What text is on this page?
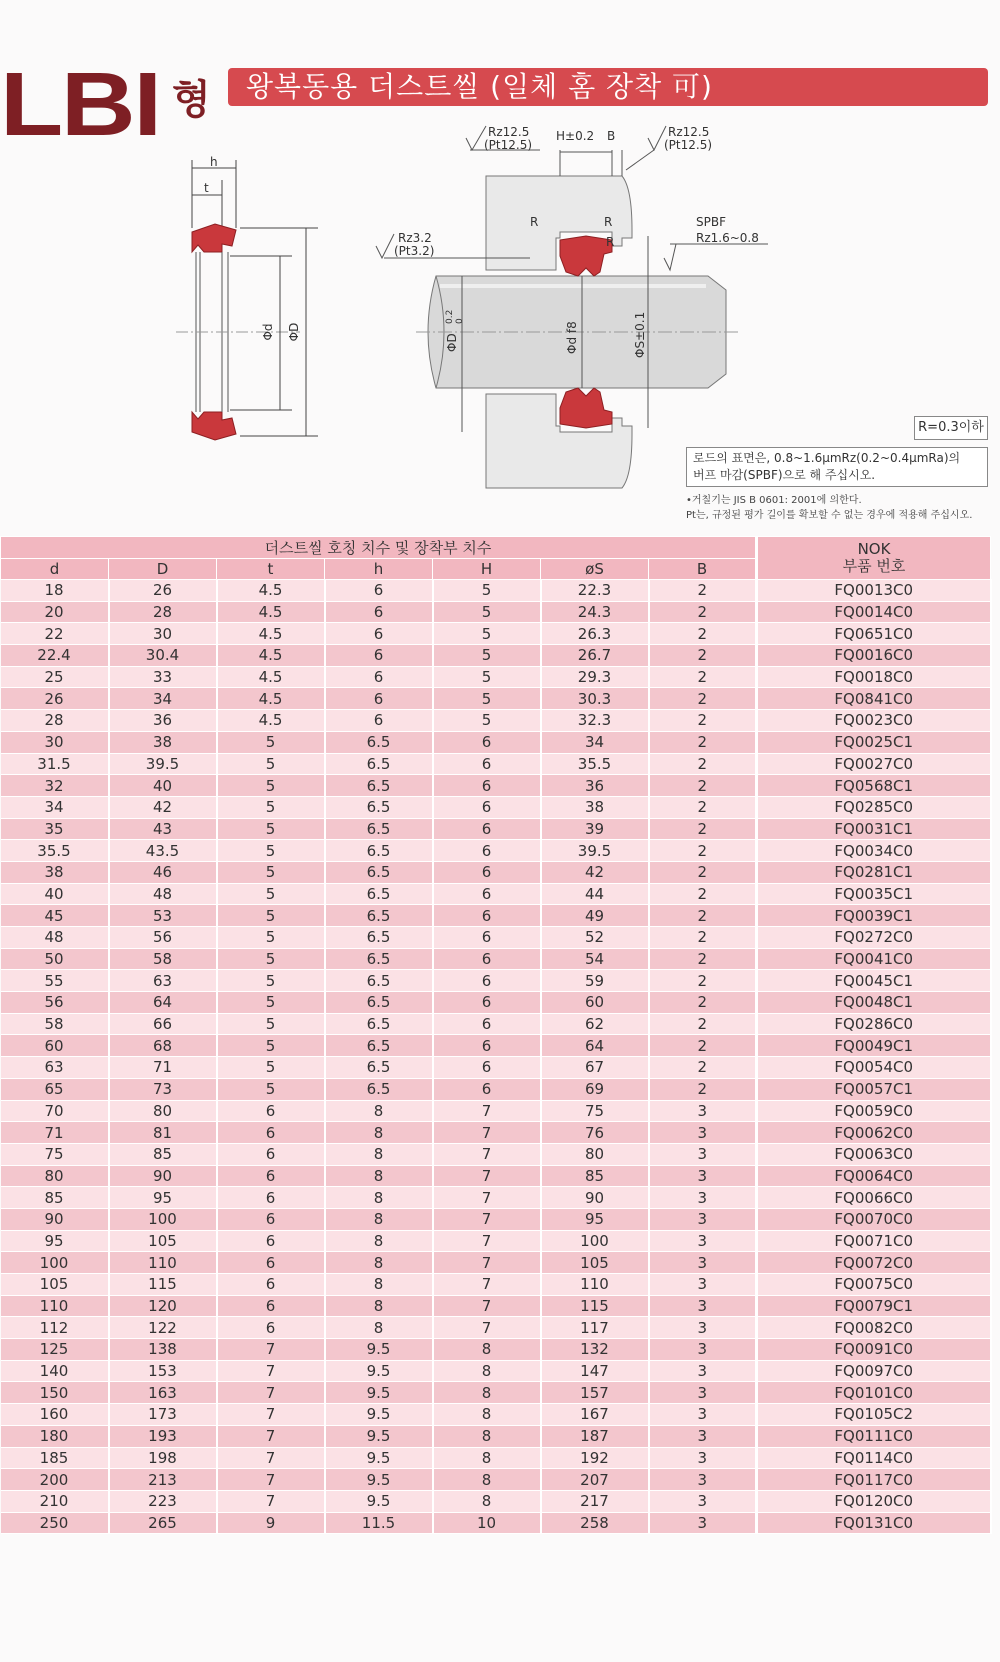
LBI 형 왕복동용 더스트씰 (일체 홈 장착 可)
h
t
Φd ΦD
Rz12.5
(Pt12.5)
H±0.2 B	Rz12.5
(Pt12.5)
R	R
R
SPBF
Rz1.6~0.8
Rz3.2
(Pt3.2)
ΦD
0.2 0
Φd f8	ΦS±0.1
R=0.3이하
로드의 표면은, 0.8~1.6μmRz(0.2~0.4μmRa)의
버프 마감(SPBF)으로 해 주십시오.
•거칠기는 JIS B 0601: 2001에 의한다.
Pt는, 규정된 평가 길이를 확보할 수 없는 경우에 적용해 주십시오.
더스트씰 호칭 치수 및 장착부 치수							NOK
부품 번호

d	D	t	h	H	øS	B	
18	26	4.5	6	5	22.3	2	FQ0013C0
20	28	4.5	6	5	24.3	2	FQ0014C0
22	30	4.5	6	5	26.3	2	FQ0651C0
22.4	30.4	4.5	6	5	26.7	2	FQ0016C0
25	33	4.5	6	5	29.3	2	FQ0018C0
26	34	4.5	6	5	30.3	2	FQ0841C0
28	36	4.5	6	5	32.3	2	FQ0023C0
30	38	5	6.5	6	34	2	FQ0025C1
31.5	39.5	5	6.5	6	35.5	2	FQ0027C0
32	40	5	6.5	6	36	2	FQ0568C1
34	42	5	6.5	6	38	2	FQ0285C0
35	43	5	6.5	6	39	2	FQ0031C1
35.5	43.5	5	6.5	6	39.5	2	FQ0034C0
38	46	5	6.5	6	42	2	FQ0281C1
40	48	5	6.5	6	44	2	FQ0035C1
45	53	5	6.5	6	49	2	FQ0039C1
48	56	5	6.5	6	52	2	FQ0272C0
50	58	5	6.5	6	54	2	FQ0041C0
55	63	5	6.5	6	59	2	FQ0045C1
56	64	5	6.5	6	60	2	FQ0048C1
58	66	5	6.5	6	62	2	FQ0286C0
60	68	5	6.5	6	64	2	FQ0049C1
63	71	5	6.5	6	67	2	FQ0054C0
65	73	5	6.5	6	69	2	FQ0057C1
70	80	6	8	7	75	3	FQ0059C0
71	81	6	8	7	76	3	FQ0062C0
75	85	6	8	7	80	3	FQ0063C0
80	90	6	8	7	85	3	FQ0064C0
85	95	6	8	7	90	3	FQ0066C0
90	100	6	8	7	95	3	FQ0070C0
95	105	6	8	7	100	3	FQ0071C0
100	110	6	8	7	105	3	FQ0072C0
105	115	6	8	7	110	3	FQ0075C0
110	120	6	8	7	115	3	FQ0079C1
112	122	6	8	7	117	3	FQ0082C0
125	138	7	9.5	8	132	3	FQ0091C0
140	153	7	9.5	8	147	3	FQ0097C0
150	163	7	9.5	8	157	3	FQ0101C0
160	173	7	9.5	8	167	3	FQ0105C2
180	193	7	9.5	8	187	3	FQ0111C0
185	198	7	9.5	8	192	3	FQ0114C0
200	213	7	9.5	8	207	3	FQ0117C0
210	223	7	9.5	8	217	3	FQ0120C0
250	265	9	11.5	10	258	3	FQ0131C0
